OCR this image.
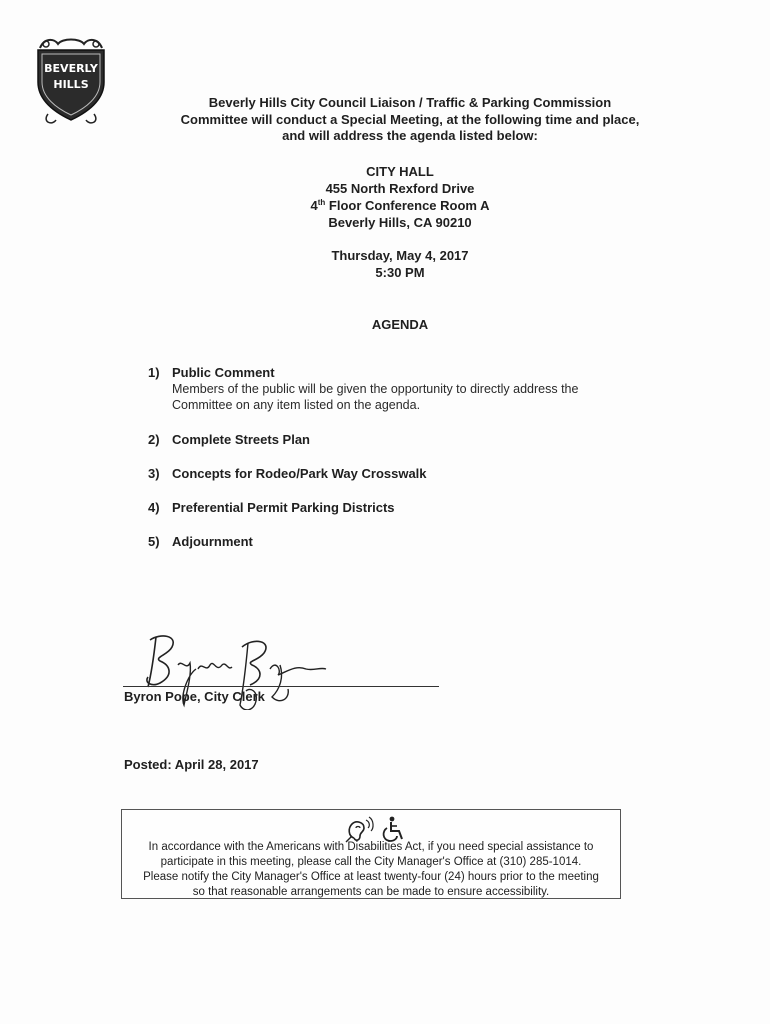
BEVERLY
HILLS
Beverly Hills City Council Liaison / Traffic & Parking Commission
Committee will conduct a Special Meeting, at the following time and place,
and will address the agenda listed below:
CITY HALL
455 North Rexford Drive
4th Floor Conference Room A
Beverly Hills, CA 90210
Thursday, May 4, 2017
5:30 PM
AGENDA
1) Public Comment
Members of the public will be given the opportunity to directly address the
Committee on any item listed on the agenda.
2) Complete Streets Plan
3) Concepts for Rodeo/Park Way Crosswalk
4) Preferential Permit Parking Districts
5) Adjournment
Byron Pope, City Clerk
Posted: April 28, 2017
In accordance with the Americans with Disabilities Act, if you need special assistance to
participate in this meeting, please call the City Manager's Office at (310) 285-1014.
Please notify the City Manager's Office at least twenty-four (24) hours prior to the meeting
so that reasonable arrangements can be made to ensure accessibility.
